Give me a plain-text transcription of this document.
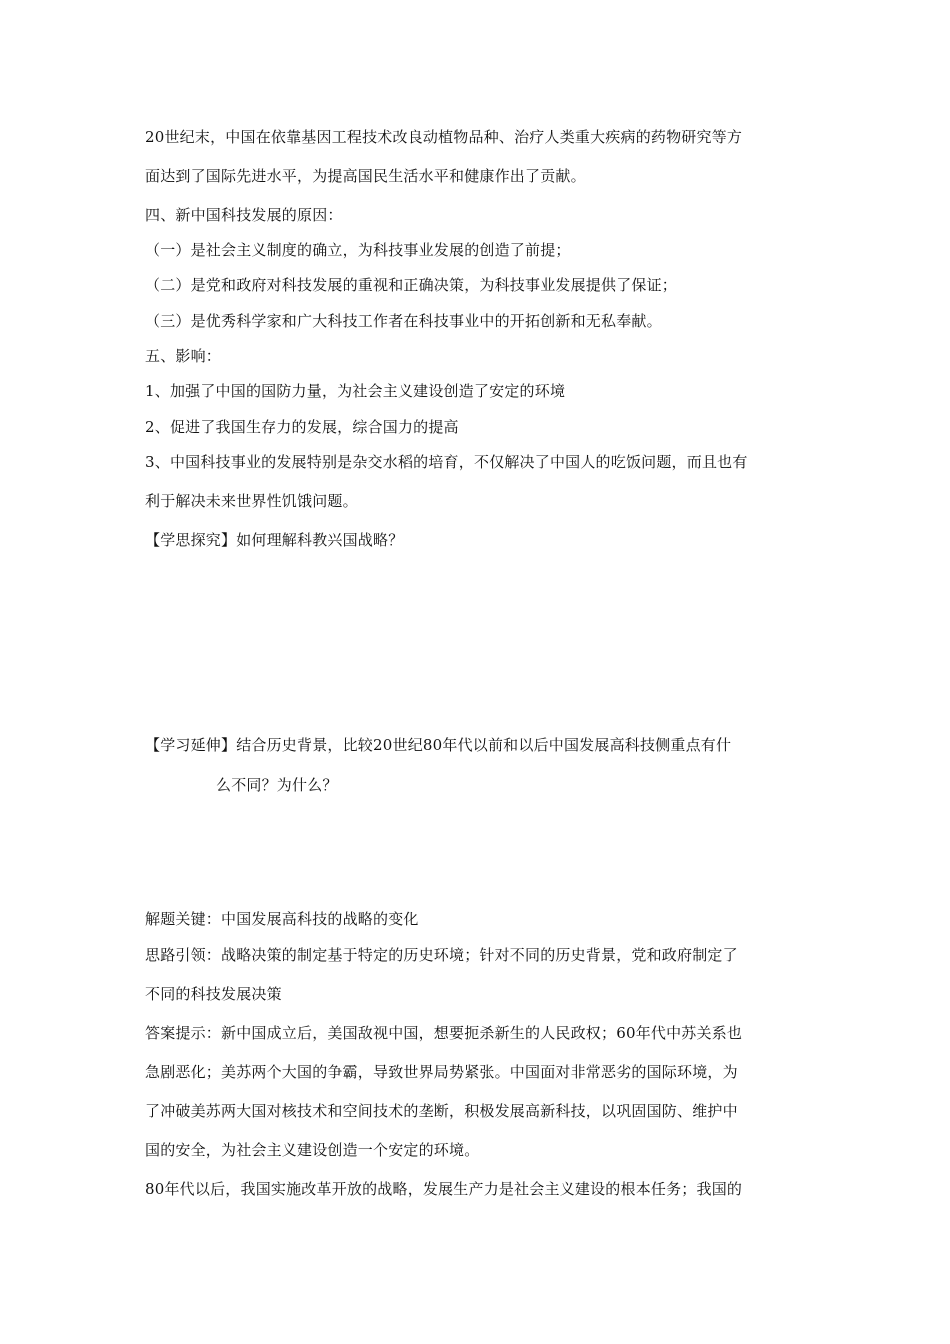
20世纪末，中国在依靠基因工程技术改良动植物品种、治疗人类重大疾病的药物研究等方
面达到了国际先进水平，为提高国民生活水平和健康作出了贡献。
四、新中国科技发展的原因：
（一）是社会主义制度的确立，为科技事业发展的创造了前提；
（二）是党和政府对科技发展的重视和正确决策，为科技事业发展提供了保证；
（三）是优秀科学家和广大科技工作者在科技事业中的开拓创新和无私奉献。
五、影响：
1、加强了中国的国防力量，为社会主义建设创造了安定的环境
2、促进了我国生存力的发展，综合国力的提高
3、中国科技事业的发展特别是杂交水稻的培育，不仅解决了中国人的吃饭问题，而且也有
利于解决未来世界性饥饿问题。
【学思探究】如何理解科教兴国战略？
【学习延伸】结合历史背景，比较20世纪80年代以前和以后中国发展高科技侧重点有什
么不同？为什么？
解题关键：中国发展高科技的战略的变化
思路引领：战略决策的制定基于特定的历史环境；针对不同的历史背景，党和政府制定了
不同的科技发展决策
答案提示：新中国成立后，美国敌视中国，想要扼杀新生的人民政权；60年代中苏关系也
急剧恶化；美苏两个大国的争霸，导致世界局势紧张。中国面对非常恶劣的国际环境，为
了冲破美苏两大国对核技术和空间技术的垄断，积极发展高新科技，以巩固国防、维护中
国的安全，为社会主义建设创造一个安定的环境。
80年代以后，我国实施改革开放的战略，发展生产力是社会主义建设的根本任务；我国的
